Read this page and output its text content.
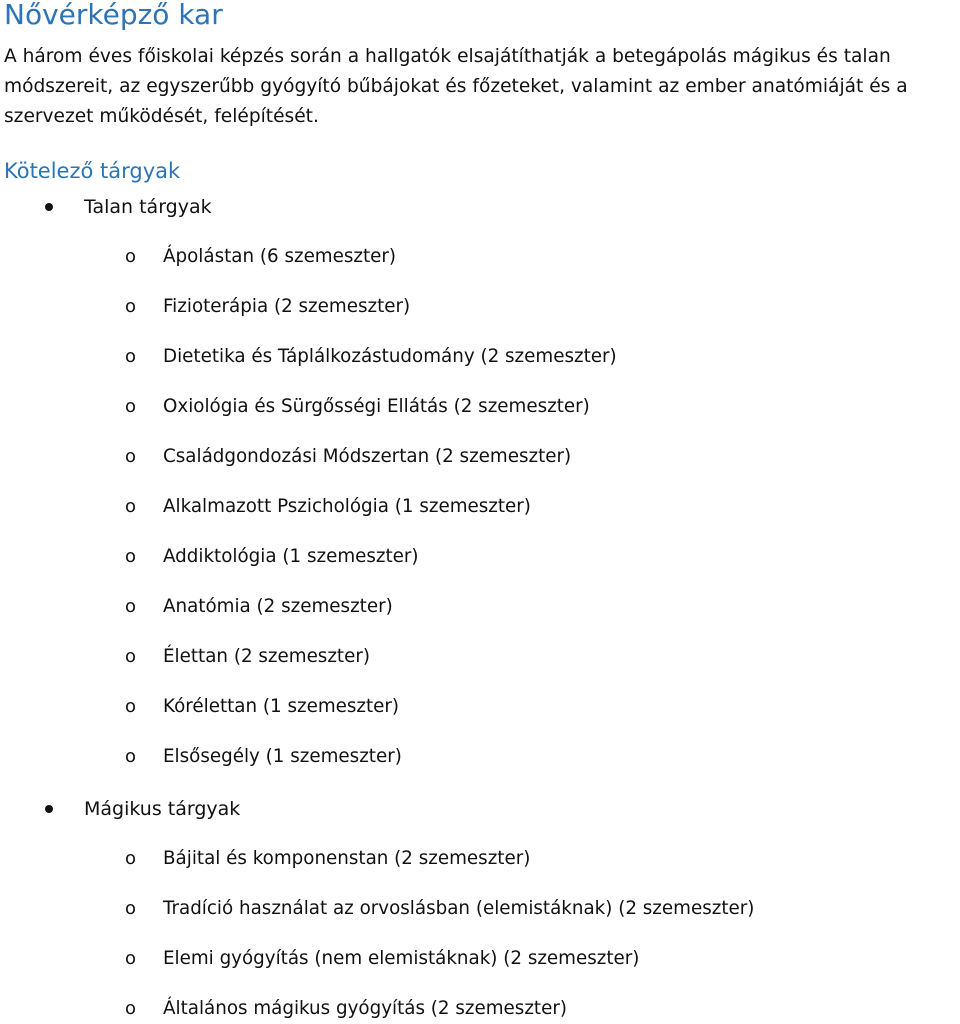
Nővérképző kar

A három éves főiskolai képzés során a hallgatók elsajátíthatják a betegápolás mágikus és talan módszereit, az egyszerűbb gyógyító bűbájokat és főzeteket, valamint az ember anatómiáját és a szervezet működését, felépítését.

Kötelező tárgyak
Talan tárgyak
o Ápolástan (6 szemeszter)
o Fizioterápia (2 szemeszter)
o Dietetika és Táplálkozástudomány (2 szemeszter)
o Oxiológia és Sürgősségi Ellátás (2 szemeszter)
o Családgondozási Módszertan (2 szemeszter)
o Alkalmazott Pszichológia (1 szemeszter)
o Addiktológia (1 szemeszter)
o Anatómia (2 szemeszter)
o Élettan (2 szemeszter)
o Kórélettan (1 szemeszter)
o Elsősegély (1 szemeszter)
Mágikus tárgyak
o Bájital és komponenstan (2 szemeszter)
o Tradíció használat az orvoslásban (elemistáknak) (2 szemeszter)
o Elemi gyógyítás (nem elemistáknak) (2 szemeszter)
o Általános mágikus gyógyítás (2 szemeszter)
